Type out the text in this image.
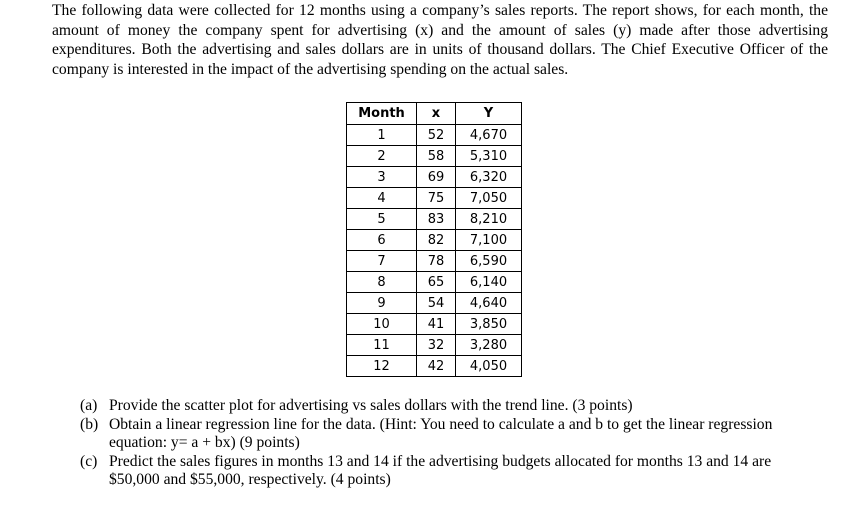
The following data were collected for 12 months using a company’s sales reports. The report shows, for each month, the amount of money the company spent for advertising (x) and the amount of sales (y) made after those advertising expenditures. Both the advertising and sales dollars are in units of thousand dollars. The Chief Executive Officer of the company is interested in the impact of the advertising spending on the actual sales.

Month	x	Y
1	52	4,670
2	58	5,310
3	69	6,320
4	75	7,050
5	83	8,210
6	82	7,100
7	78	6,590
8	65	6,140
9	54	4,640
10	41	3,850
11	32	3,280
12	42	4,050
(a) Provide the scatter plot for advertising vs sales dollars with the trend line. (3 points)
(b) Obtain a linear regression line for the data. (Hint: You need to calculate a and b to get the linear regression equation: y= a + bx) (9 points)
(c) Predict the sales figures in months 13 and 14 if the advertising budgets allocated for months 13 and 14 are $50,000 and $55,000, respectively. (4 points)
